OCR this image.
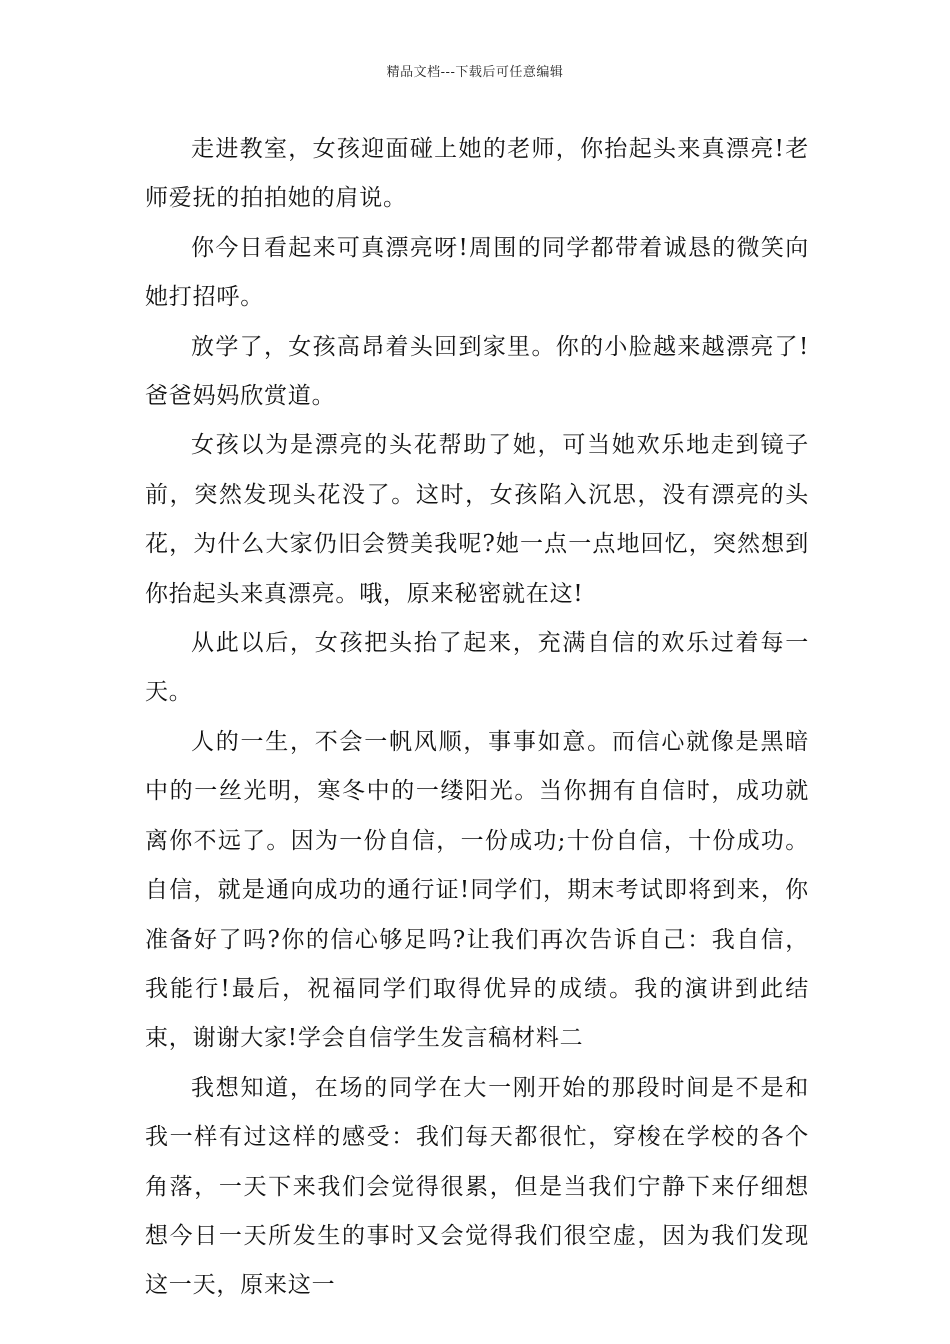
精品文档---下载后可任意编辑

走进教室，女孩迎面碰上她的老师，你抬起头来真漂亮!老师爱抚的拍拍她的肩说。

你今日看起来可真漂亮呀!周围的同学都带着诚恳的微笑向她打招呼。

放学了，女孩高昂着头回到家里。你的小脸越来越漂亮了!爸爸妈妈欣赏道。

女孩以为是漂亮的头花帮助了她，可当她欢乐地走到镜子前，突然发现头花没了。这时，女孩陷入沉思，没有漂亮的头花，为什么大家仍旧会赞美我呢?她一点一点地回忆，突然想到你抬起头来真漂亮。哦，原来秘密就在这!

从此以后，女孩把头抬了起来，充满自信的欢乐过着每一天。

人的一生，不会一帆风顺，事事如意。而信心就像是黑暗中的一丝光明，寒冬中的一缕阳光。当你拥有自信时，成功就离你不远了。因为一份自信，一份成功;十份自信，十份成功。自信，就是通向成功的通行证!同学们，期末考试即将到来，你准备好了吗?你的信心够足吗?让我们再次告诉自己：我自信，我能行!最后，祝福同学们取得优异的成绩。我的演讲到此结束，谢谢大家!学会自信学生发言稿材料二

我想知道，在场的同学在大一刚开始的那段时间是不是和我一样有过这样的感受：我们每天都很忙，穿梭在学校的各个角落，一天下来我们会觉得很累，但是当我们宁静下来仔细想想今日一天所发生的事时又会觉得我们很空虚，因为我们发现这一天，原来这一
